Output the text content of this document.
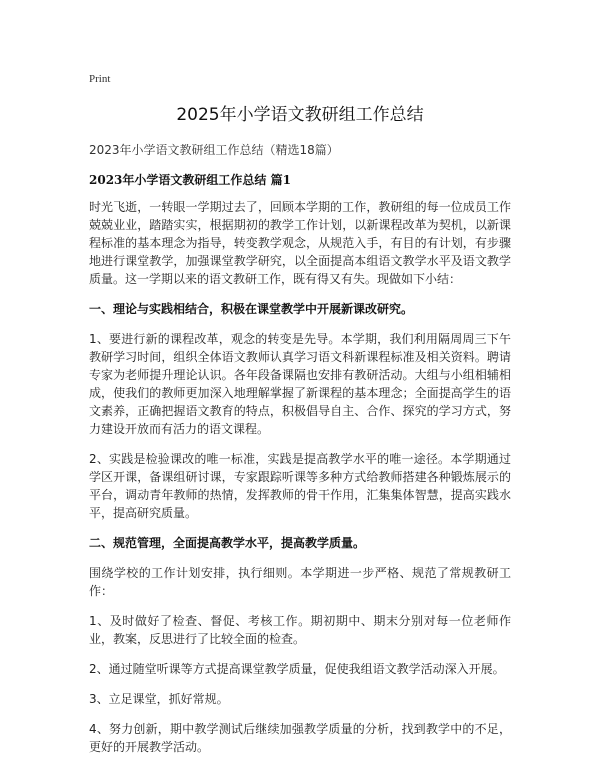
Print
2025年小学语文教研组工作总结
2023年小学语文教研组工作总结（精选18篇）
2023年小学语文教研组工作总结 篇1

时光飞逝，一转眼一学期过去了，回顾本学期的工作，教研组的每一位成员工作兢兢业业，踏踏实实，根据期初的教学工作计划，以新课程改革为契机，以新课程标准的基本理念为指导，转变教学观念，从规范入手，有目的有计划，有步骤地进行课堂教学，加强课堂教学研究，以全面提高本组语文教学水平及语文教学质量。这一学期以来的语文教研工作，既有得又有失。现做如下小结：

一、理论与实践相结合，积极在课堂教学中开展新课改研究。

1、要进行新的课程改革，观念的转变是先导。本学期，我们利用隔周周三下午教研学习时间，组织全体语文教师认真学习语文科新课程标准及相关资料。聘请专家为老师提升理论认识。各年段备课隔也安排有教研活动。大组与小组相辅相成，使我们的教师更加深入地理解掌握了新课程的基本理念；全面提高学生的语文素养，正确把握语文教育的特点，积极倡导自主、合作、探究的学习方式，努力建设开放而有活力的语文课程。

2、实践是检验课改的唯一标准，实践是提高教学水平的唯一途径。本学期通过学区开课，备课组研讨课，专家跟踪听课等多种方式给教师搭建各种锻炼展示的平台，调动青年教师的热情，发挥教师的骨干作用，汇集集体智慧，提高实践水平，提高研究质量。

二、规范管理，全面提高教学水平，提高教学质量。

围绕学校的工作计划安排，执行细则。本学期进一步严格、规范了常规教研工作：

1、及时做好了检查、督促、考核工作。期初期中、期末分别对每一位老师作业，教案，反思进行了比较全面的检查。

2、通过随堂听课等方式提高课堂教学质量，促使我组语文教学活动深入开展。

3、立足课堂，抓好常规。

4、努力创新，期中教学测试后继续加强教学质量的分析，找到教学中的不足，更好的开展教学活动。
